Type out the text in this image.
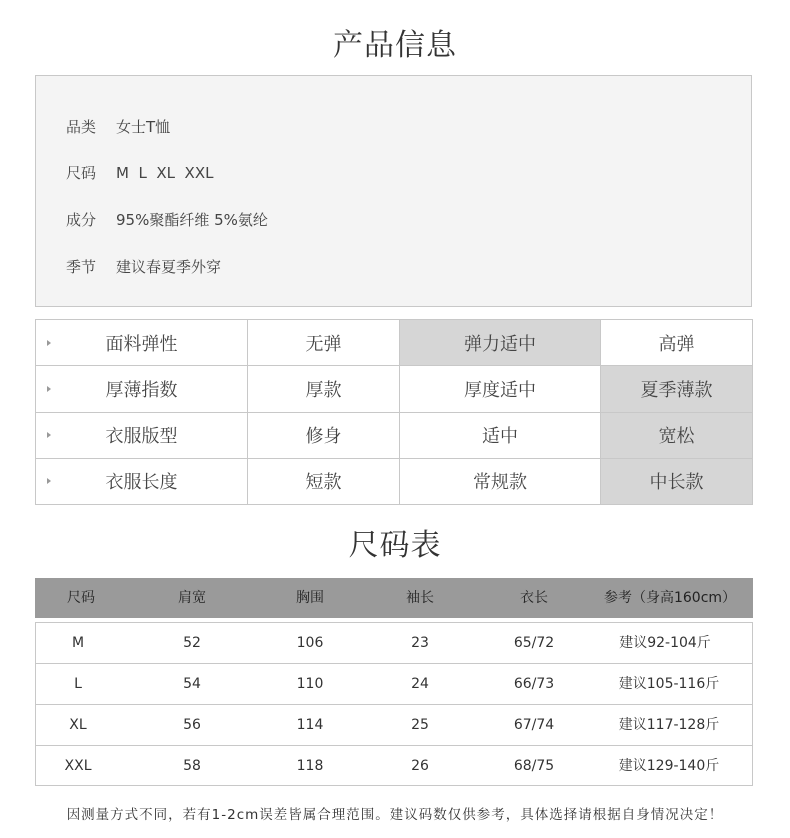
产品信息
品类 女士T恤
尺码 M  L  XL  XXL
成分 95%聚酯纤维 5%氨纶
季节 建议春夏季外穿
面料弹性	无弹	弹力适中	高弹

厚薄指数	厚款	厚度适中	夏季薄款

衣服版型	修身	适中	宽松

衣服长度	短款	常规款	中长款
尺码表
尺码	肩宽	胸围	袖长	衣长	参考（身高160cm）
M	52	106	23	65/72	建议92-104斤
L	54	110	24	66/73	建议105-116斤
XL	56	114	25	67/74	建议117-128斤
XXL	58	118	26	68/75	建议129-140斤
因测量方式不同，若有1-2cm误差皆属合理范围。建议码数仅供参考，具体选择请根据自身情况决定！
